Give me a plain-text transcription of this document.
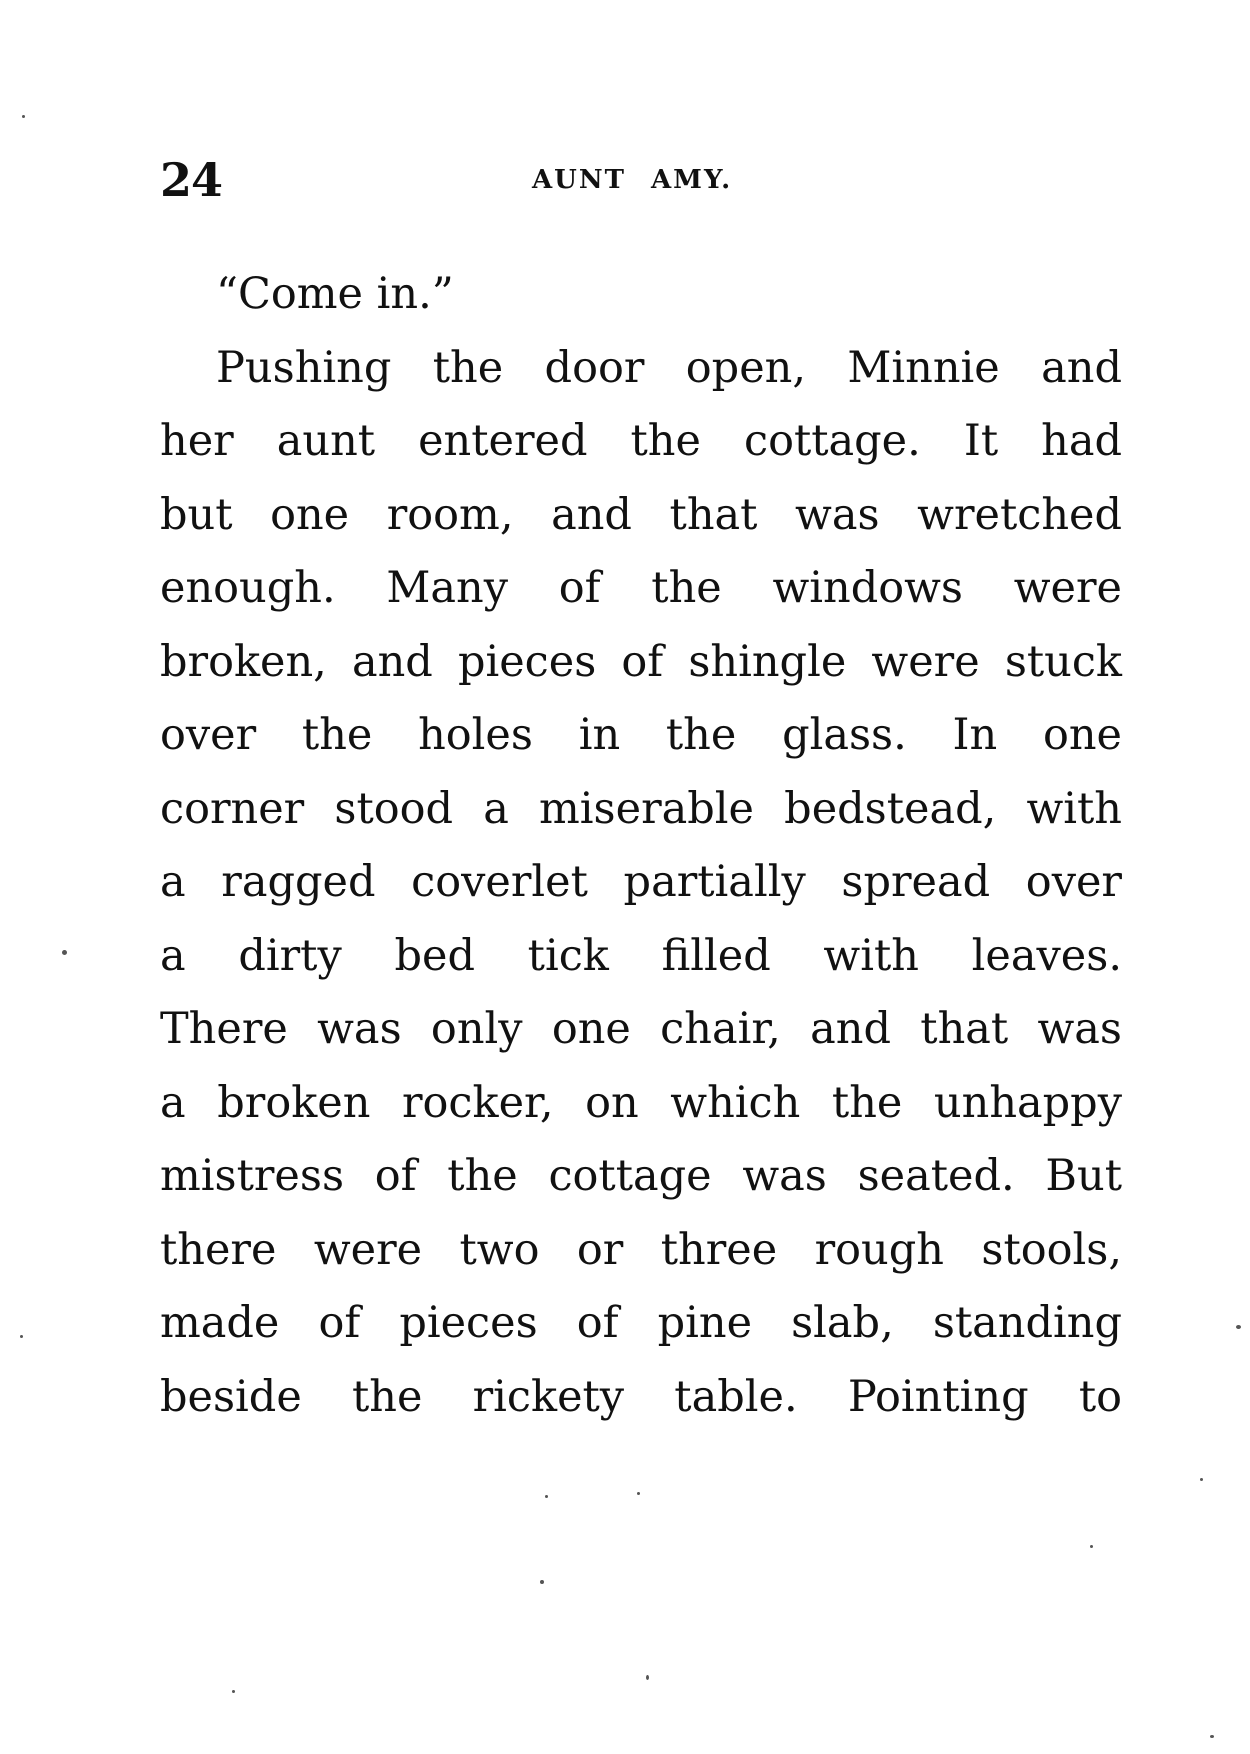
24	AUNT AMY.
“Come in.”
Pushing the door open, Minnie and
her aunt entered the cottage. It had
but one room, and that was wretched
enough. Many of the windows were
broken, and pieces of shingle were stuck
over the holes in the glass. In one
corner stood a miserable bedstead, with
a ragged coverlet partially spread over
a dirty bed tick filled with leaves.
There was only one chair, and that was
a broken rocker, on which the unhappy
mistress of the cottage was seated. But
there were two or three rough stools,
made of pieces of pine slab, standing
beside the rickety table. Pointing to
